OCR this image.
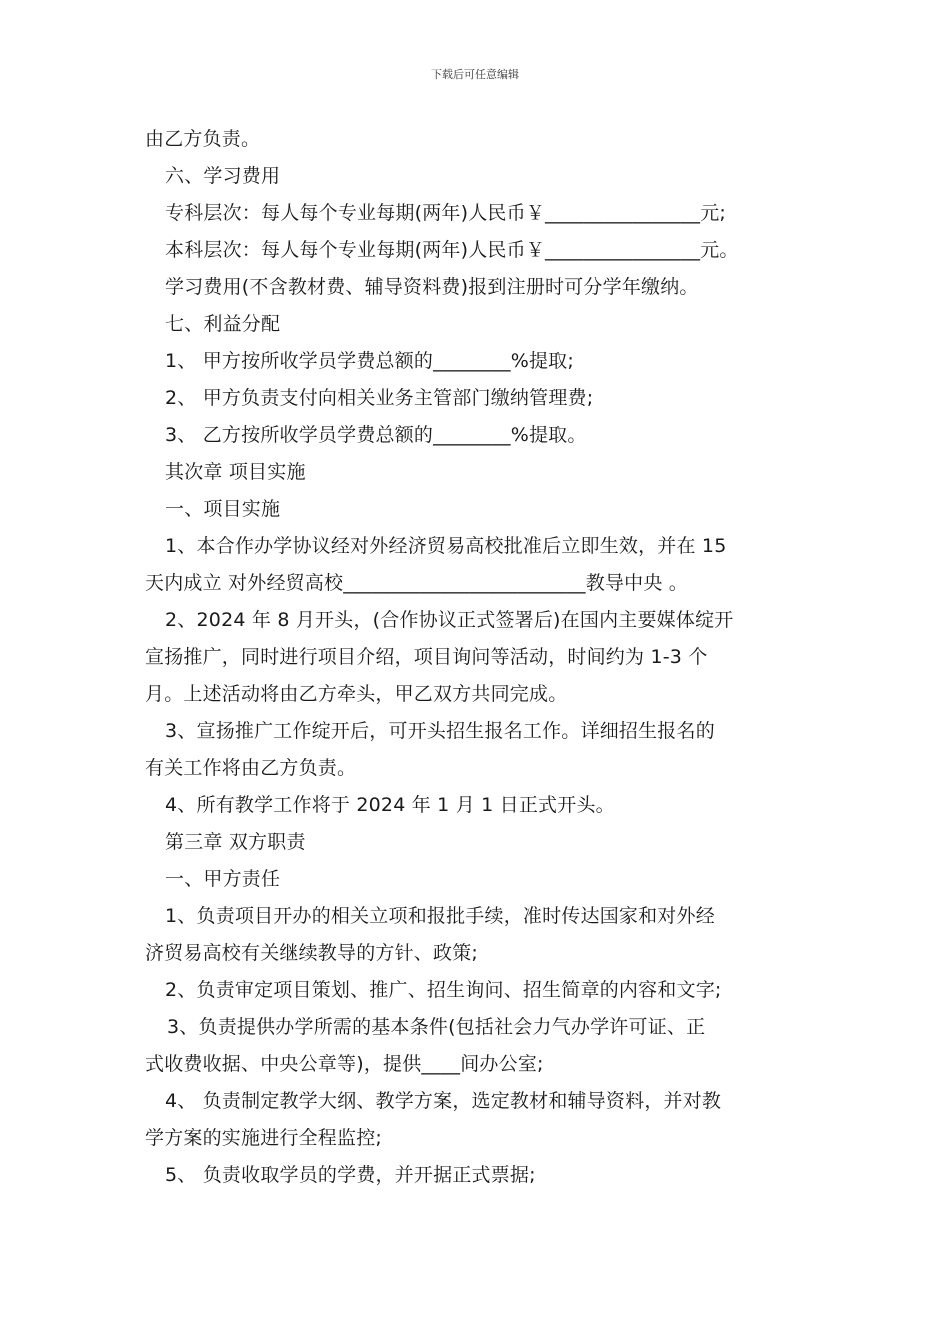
下载后可任意编辑
由乙方负责。
六、学习费用
专科层次：每人每个专业每期(两年)人民币￥________________元;
本科层次：每人每个专业每期(两年)人民币￥________________元。
学习费用(不含教材费、辅导资料费)报到注册时可分学年缴纳。
七、利益分配
1、 甲方按所收学员学费总额的________%提取;
2、 甲方负责支付向相关业务主管部门缴纳管理费;
3、 乙方按所收学员学费总额的________%提取。
其次章 项目实施
一、项目实施
1、本合作办学协议经对外经济贸易高校批准后立即生效，并在 15
天内成立 对外经贸高校_________________________教导中央 。
2、2024 年 8 月开头，(合作协议正式签署后)在国内主要媒体绽开
宣扬推广，同时进行项目介绍，项目询问等活动，时间约为 1-3 个
月。上述活动将由乙方牵头，甲乙双方共同完成。
3、宣扬推广工作绽开后，可开头招生报名工作。详细招生报名的
有关工作将由乙方负责。
4、所有教学工作将于 2024 年 1 月 1 日正式开头。
第三章 双方职责
一、甲方责任
1、负责项目开办的相关立项和报批手续，准时传达国家和对外经
济贸易高校有关继续教导的方针、政策;
2、负责审定项目策划、推广、招生询问、招生简章的内容和文字;
3、负责提供办学所需的基本条件(包括社会力气办学许可证、正
式收费收据、中央公章等)，提供____间办公室;
4、 负责制定教学大纲、教学方案，选定教材和辅导资料，并对教
学方案的实施进行全程监控;
5、 负责收取学员的学费，并开据正式票据;
